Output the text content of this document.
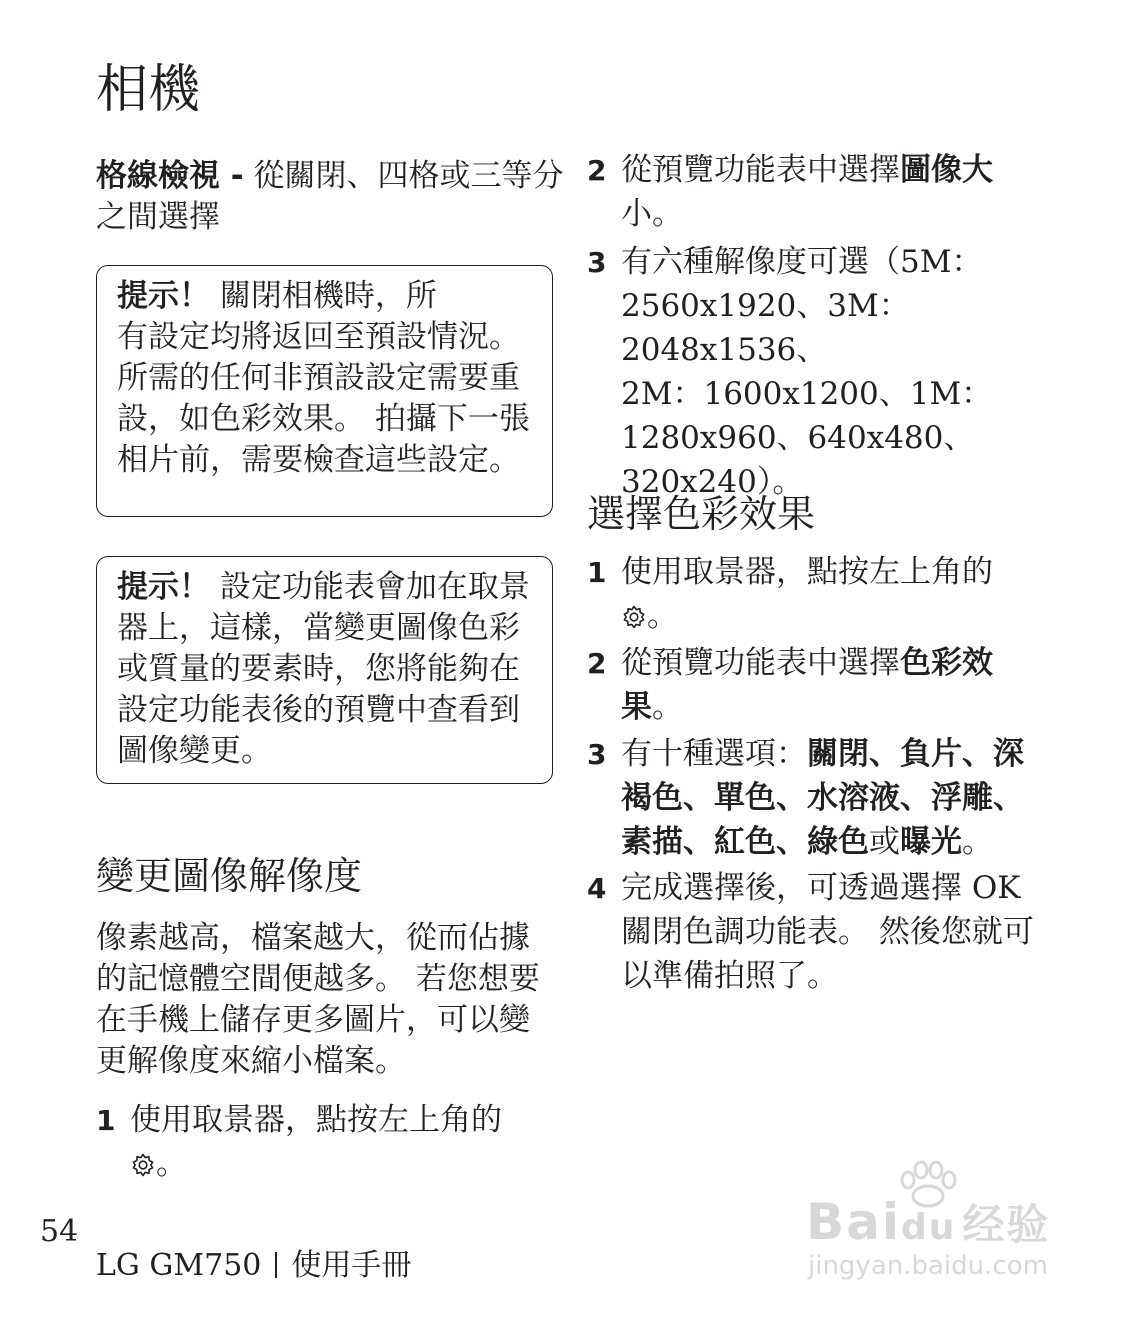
相機
格線檢視 - 從關閉、四格或三等分
之間選擇
提示！ 關閉相機時，所
有設定均將返回至預設情況。
所需的任何非預設設定需要重
設，如色彩效果。 拍攝下一張
相片前，需要檢查這些設定。
提示！ 設定功能表會加在取景
器上，這樣，當變更圖像色彩
或質量的要素時，您將能夠在
設定功能表後的預覽中查看到
圖像變更。
變更圖像解像度
像素越高，檔案越大，從而佔據
的記憶體空間便越多。 若您想要
在手機上儲存更多圖片，可以變
更解像度來縮小檔案。
1 使用取景器，點按左上角的
。
2 從預覽功能表中選擇圖像大
小。
3 有六種解像度可選（5M：
2560x1920、3M：2048x1536、
2M：1600x1200、1M：
1280x960、640x480、
320x240）。
選擇色彩效果
1 使用取景器，點按左上角的
。
2 從預覽功能表中選擇色彩效
果。
3 有十種選項：關閉、負片、深
褐色、單色、水溶液、浮雕、
素描、紅色、綠色或曝光。
4 完成選擇後，可透過選擇 OK
關閉色調功能表。 然後您就可
以準備拍照了。
54
LG GM750 使用手冊
Baidu 经验
jingyan.baidu.com
